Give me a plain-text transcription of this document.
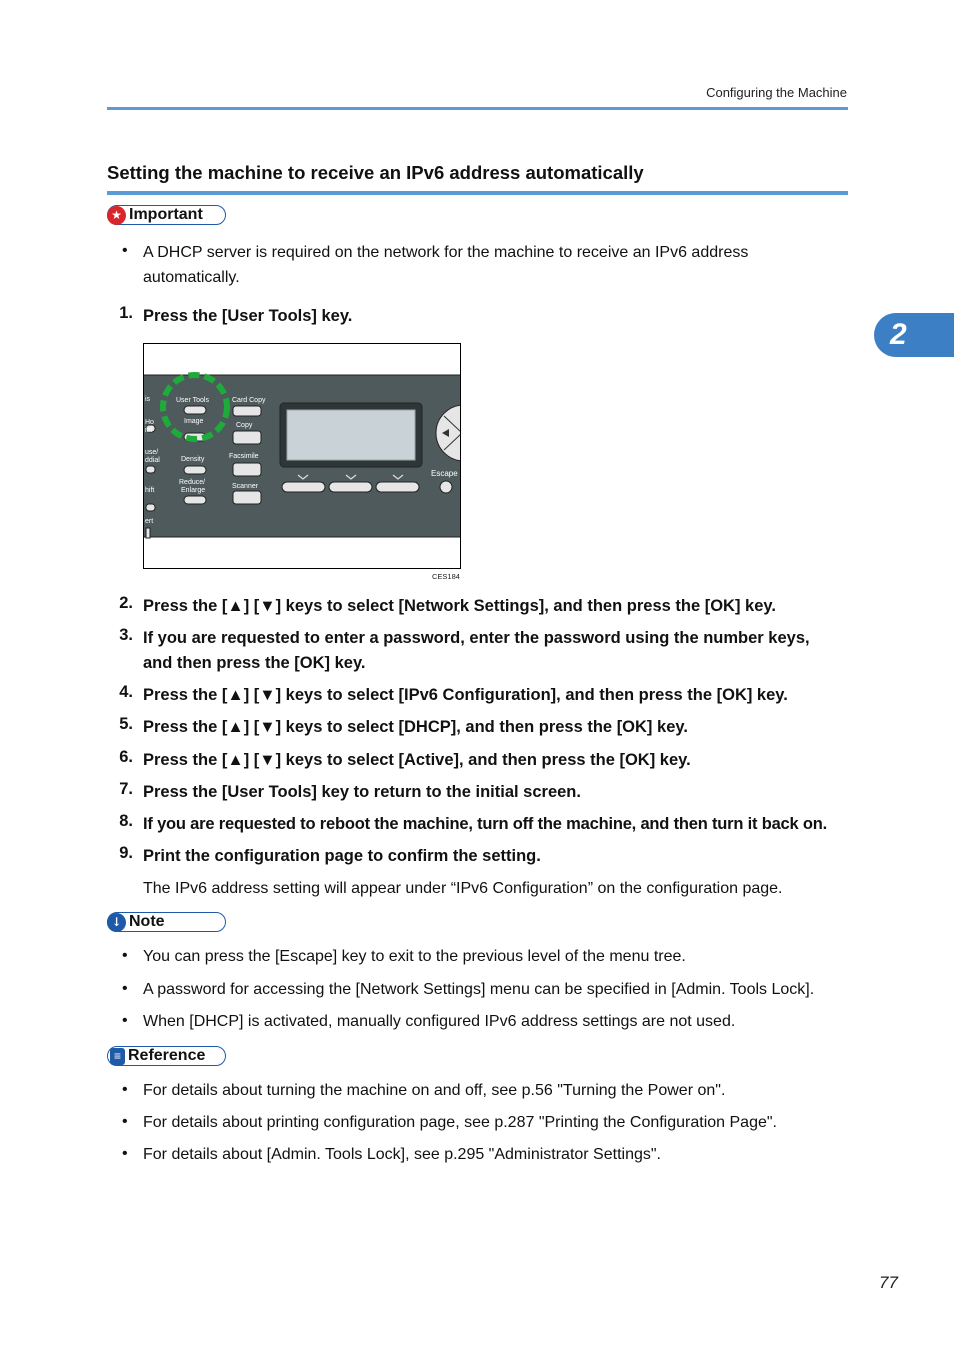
Configuring the Machine
Setting the machine to receive an IPv6 address automatically
★ Important
• A DHCP server is required on the network for the machine to receive an IPv6 address automatically.
1. Press the [User Tools] key.
User Tools
Image
Card Copy
Copy
Density	Facsimile
Reduce/
Enlarge
Scanner
Escape
is
Ho
ial
use/
ddial
hift
ert
CES184
2. Press the [▲] [▼] keys to select [Network Settings], and then press the [OK] key.
3. If you are requested to enter a password, enter the password using the number keys, and then press the [OK] key.
4. Press the [▲] [▼] keys to select [IPv6 Configuration], and then press the [OK] key.
5. Press the [▲] [▼] keys to select [DHCP], and then press the [OK] key.
6. Press the [▲] [▼] keys to select [Active], and then press the [OK] key.
7. Press the [User Tools] key to return to the initial screen.
8. If you are requested to reboot the machine, turn off the machine, and then turn it back on.
9. Print the configuration page to confirm the setting.
The IPv6 address setting will appear under “IPv6 Configuration” on the configuration page.
↓ Note
• You can press the [Escape] key to exit to the previous level of the menu tree.
• A password for accessing the [Network Settings] menu can be specified in [Admin. Tools Lock].
• When [DHCP] is activated, manually configured IPv6 address settings are not used.
≡ Reference
• For details about turning the machine on and off, see p.56 "Turning the Power on".
• For details about printing configuration page, see p.287 "Printing the Configuration Page".
• For details about [Admin. Tools Lock], see p.295 "Administrator Settings".
2
77
